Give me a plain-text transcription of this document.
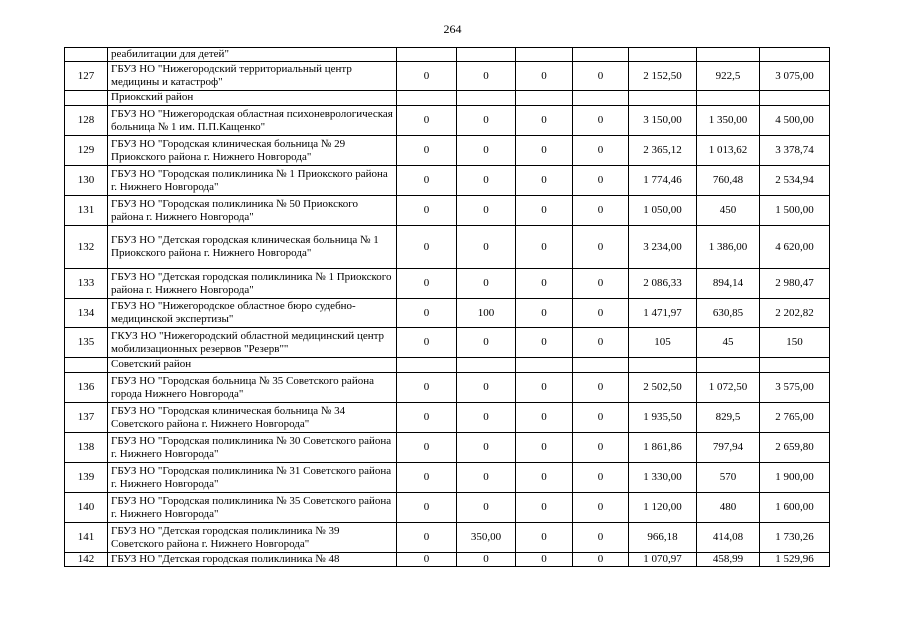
264
	реабилитации для детей"							
127	ГБУЗ НО "Нижегородский территориальный центр медицины и катастроф"	0	0	0	0	2 152,50	922,5	3 075,00
	Приокский район							
128	ГБУЗ НО "Нижегородская областная психоневрологическая больница № 1 им. П.П.Кащенко"	0	0	0	0	3 150,00	1 350,00	4 500,00
129	ГБУЗ НО "Городская клиническая больница № 29 Приокского района г. Нижнего Новгорода"	0	0	0	0	2 365,12	1 013,62	3 378,74
130	ГБУЗ НО "Городская поликлиника № 1 Приокского района г. Нижнего Новгорода"	0	0	0	0	1 774,46	760,48	2 534,94
131	ГБУЗ НО "Городская поликлиника № 50 Приокского района г. Нижнего Новгорода"	0	0	0	0	1 050,00	450	1 500,00
132	ГБУЗ НО "Детская городская клиническая больница № 1 Приокского района г. Нижнего Новгорода"	0	0	0	0	3 234,00	1 386,00	4 620,00
133	ГБУЗ НО "Детская городская поликлиника № 1 Приокского района г. Нижнего Новгорода"	0	0	0	0	2 086,33	894,14	2 980,47
134	ГБУЗ НО "Нижегородское областное бюро судебно-медицинской экспертизы"	0	100	0	0	1 471,97	630,85	2 202,82
135	ГКУЗ НО "Нижегородский областной медицинский центр мобилизационных резервов "Резерв""	0	0	0	0	105	45	150
	Советский район							
136	ГБУЗ НО "Городская больница № 35 Советского района города Нижнего Новгорода"	0	0	0	0	2 502,50	1 072,50	3 575,00
137	ГБУЗ НО "Городская клиническая больница № 34 Советского района г. Нижнего Новгорода"	0	0	0	0	1 935,50	829,5	2 765,00
138	ГБУЗ НО "Городская поликлиника № 30 Советского района г. Нижнего Новгорода"	0	0	0	0	1 861,86	797,94	2 659,80
139	ГБУЗ НО "Городская поликлиника № 31 Советского района г. Нижнего Новгорода"	0	0	0	0	1 330,00	570	1 900,00
140	ГБУЗ НО "Городская поликлиника № 35 Советского района г. Нижнего Новгорода"	0	0	0	0	1 120,00	480	1 600,00
141	ГБУЗ НО "Детская городская поликлиника № 39 Советского района г. Нижнего Новгорода"	0	350,00	0	0	966,18	414,08	1 730,26
142	ГБУЗ НО "Детская городская поликлиника № 48	0	0	0	0	1 070,97	458,99	1 529,96
